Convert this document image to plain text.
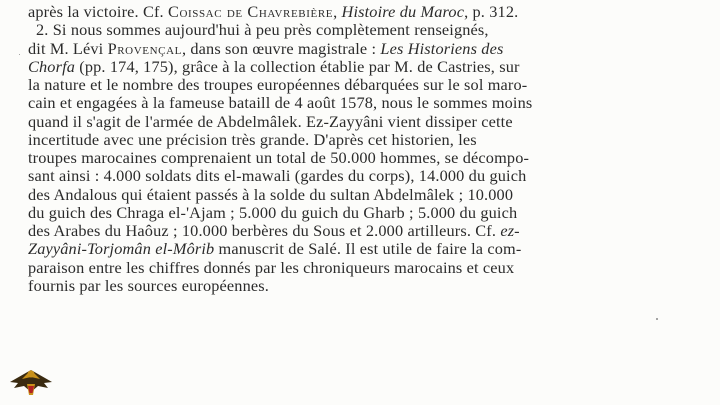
après la victoire. Cf. Coissac de Chavrebière, Histoire du Maroc, p. 312.
2. Si nous sommes aujourd'hui à peu près complètement renseignés,
dit M. Lévi Provençal, dans son œuvre magistrale : Les Historiens des
Chorfa (pp. 174, 175), grâce à la collection établie par M. de Castries, sur
la nature et le nombre des troupes européennes débarquées sur le sol maro-
cain et engagées à la fameuse bataill de 4 août 1578, nous le sommes moins
quand il s'agit de l'armée de Abdelmâlek. Ez-Zayyâni vient dissiper cette
incertitude avec une précision très grande. D'après cet historien, les
troupes marocaines comprenaient un total de 50.000 hommes, se décompo-
sant ainsi : 4.000 soldats dits el-mawali (gardes du corps), 14.000 du guich
des Andalous qui étaient passés à la solde du sultan Abdelmâlek ; 10.000
du guich des Chraga el-'Ajam ; 5.000 du guich du Gharb ; 5.000 du guich
des Arabes du Haôuz ; 10.000 berbères du Sous et 2.000 artilleurs. Cf. ez-
Zayyâni-Torjomân el-Môrib manuscrit de Salé. Il est utile de faire la com-
paraison entre les chiffres donnés par les chroniqueurs marocains et ceux
fournis par les sources européennes.
